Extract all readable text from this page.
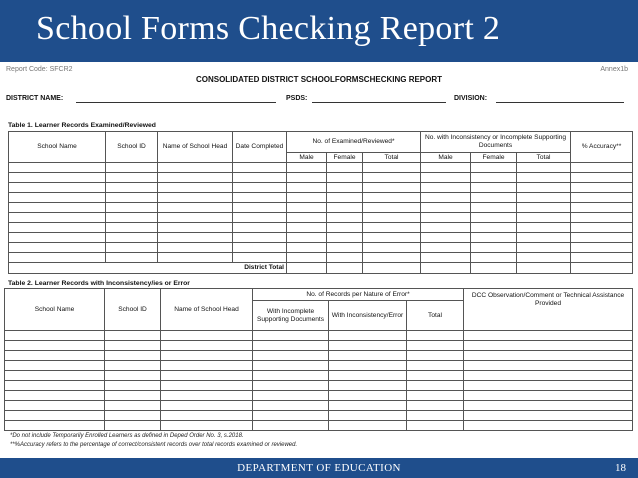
School Forms Checking Report 2
Report Code: SFCR2	Annex1b
CONSOLIDATED DISTRICT SCHOOLFORMSCHECKING REPORT
DISTRICT NAME:	PSDS:	DIVISION:
Table 1. Learner Records Examined/Reviewed
School Name	School ID	Name of School Head	Date Completed	No. of Examined/Reviewed*			No. with Inconsistency or Incomplete Supporting Documents			% Accuracy**
				Male	Female	Total	Male	Female	Total	

District Total										
Table 2. Learner Records with Inconsistency/ies or Error
School Name	School ID	Name of School Head	No. of Records per Nature of Error*			DCC Observation/Comment or Technical Assistance Provided
			With Incomplete Supporting Documents	With Inconsistency/Error	Total	

*Do not include Temporarily Enrolled Learners as defined in Deped Order No. 3, s.2018.
**%Accuracy refers to the percentage of correct/consistent records over total records examined or reviewed.
DEPARTMENT OF EDUCATION	18
